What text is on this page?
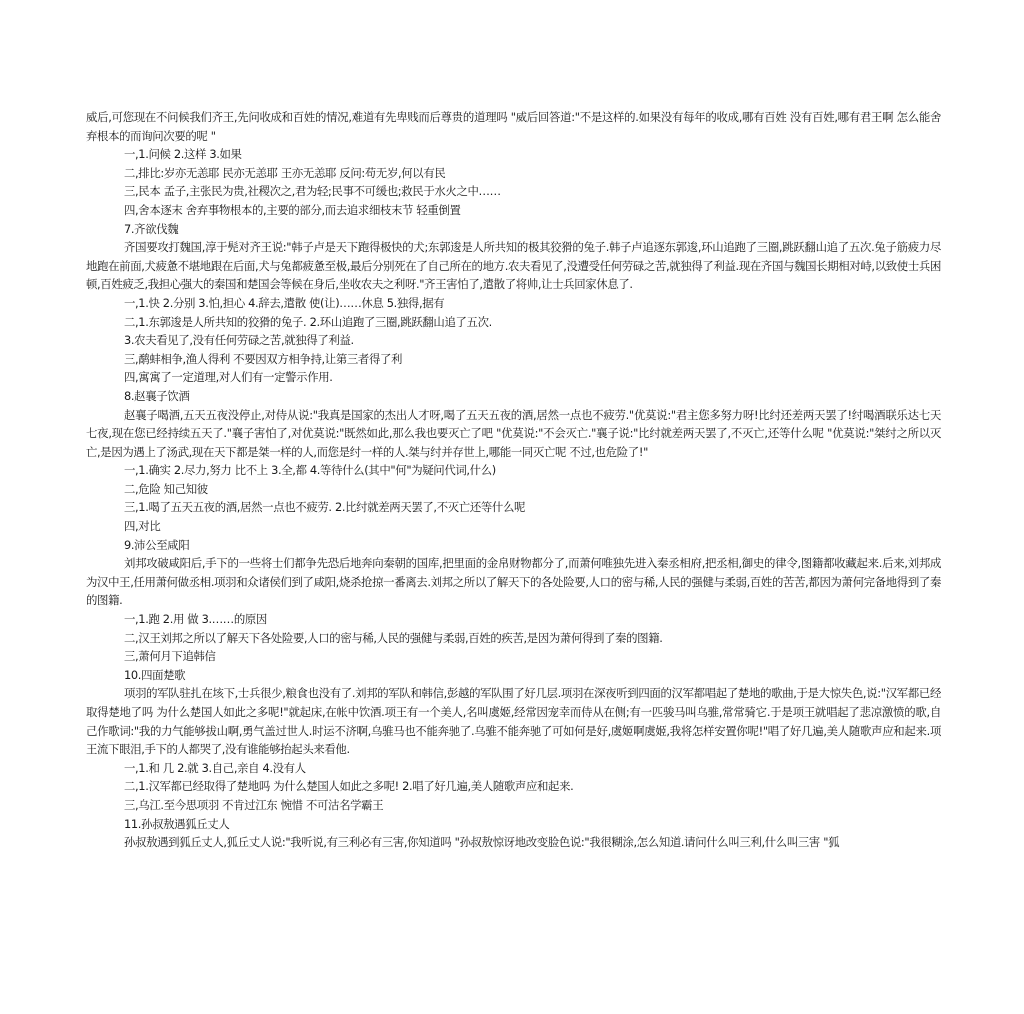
威后,可您现在不问候我们齐王,先问收成和百姓的情况,难道有先卑贱而后尊贵的道理吗 "威后回答道:"不是这样的.如果没有每年的收成,哪有百姓 没有百姓,哪有君王啊 怎么能舍弃根本的而询问次要的呢 "

一,1.问候 2.这样 3.如果

二,排比:岁亦无恙耶 民亦无恙耶 王亦无恙耶 反问:苟无岁,何以有民

三,民本 孟子,主张民为贵,社稷次之,君为轻;民事不可缓也;救民于水火之中……

四,舍本逐末 舍弃事物根本的,主要的部分,而去追求细枝末节 轻重倒置

7.齐欲伐魏

齐国要攻打魏国,淳于髡对齐王说:"韩子卢是天下跑得极快的犬;东郭逡是人所共知的极其狡猾的兔子.韩子卢追逐东郭逡,环山追跑了三圈,跳跃翻山追了五次.兔子筋疲力尽地跑在前面,犬疲惫不堪地跟在后面,犬与兔都疲惫至极,最后分别死在了自己所在的地方.农夫看见了,没遭受任何劳碌之苦,就独得了利益.现在齐国与魏国长期相对峙,以致使士兵困顿,百姓疲乏,我担心强大的秦国和楚国会等候在身后,坐收农夫之利呀."齐王害怕了,遣散了将帅,让士兵回家休息了.

一,1.快 2.分别 3.怕,担心 4.辞去,遣散 使(让)……休息 5.独得,据有

二,1.东郭逡是人所共知的狡猾的兔子. 2.环山追跑了三圈,跳跃翻山追了五次.

3.农夫看见了,没有任何劳碌之苦,就独得了利益.

三,鹬蚌相争,渔人得利 不要因双方相争持,让第三者得了利

四,寓寓了一定道理,对人们有一定警示作用.

8.赵襄子饮酒

赵襄子喝酒,五天五夜没停止,对侍从说:"我真是国家的杰出人才呀,喝了五天五夜的酒,居然一点也不疲劳."优莫说:"君主您多努力呀!比纣还差两天罢了!纣喝酒联乐达七天七夜,现在您已经持续五天了."襄子害怕了,对优莫说:"既然如此,那么我也要灭亡了吧 "优莫说:"不会灭亡."襄子说:"比纣就差两天罢了,不灭亡,还等什么呢 "优莫说:"桀纣之所以灭亡,是因为遇上了汤武,现在天下都是桀一样的人,而您是纣一样的人.桀与纣并存世上,哪能一同灭亡呢 不过,也危险了!"

一,1.确实 2.尽力,努力 比不上 3.全,都 4.等待什么(其中"何"为疑问代词,什么)

二,危险 知己知彼

三,1.喝了五天五夜的酒,居然一点也不疲劳. 2.比纣就差两天罢了,不灭亡还等什么呢

四,对比

9.沛公至咸阳

刘邦攻破咸阳后,手下的一些将士们都争先恐后地奔向秦朝的国库,把里面的金帛财物都分了,而萧何唯独先进入秦丞相府,把丞相,御史的律令,图籍都收藏起来.后来,刘邦成为汉中王,任用萧何做丞相.项羽和众诸侯们到了咸阳,烧杀抢掠一番离去.刘邦之所以了解天下的各处险要,人口的密与稀,人民的强健与柔弱,百姓的苦苦,都因为萧何完备地得到了秦的图籍.

一,1.跑 2.用 做 3.……的原因

二,汉王刘邦之所以了解天下各处险要,人口的密与稀,人民的强健与柔弱,百姓的疾苦,是因为萧何得到了秦的图籍.

三,萧何月下追韩信

10.四面楚歌

项羽的军队驻扎在垓下,士兵很少,粮食也没有了.刘邦的军队和韩信,彭越的军队围了好几层.项羽在深夜听到四面的汉军都唱起了楚地的歌曲,于是大惊失色,说:"汉军都已经取得楚地了吗 为什么楚国人如此之多呢!"就起床,在帐中饮酒.项王有一个美人,名叫虞姬,经常因宠幸而侍从在侧;有一匹骏马叫乌骓,常常骑它.于是项王就唱起了悲凉激愤的歌,自己作歌词:"我的力气能够拔山啊,勇气盖过世人.时运不济啊,乌骓马也不能奔驰了.乌骓不能奔驰了可如何是好,虞姬啊虞姬,我将怎样安置你呢!"唱了好几遍,美人随歌声应和起来.项王流下眼泪,手下的人都哭了,没有谁能够抬起头来看他.

一,1.和 几 2.就 3.自己,亲自 4.没有人

二,1.汉军都已经取得了楚地吗 为什么楚国人如此之多呢! 2.唱了好几遍,美人随歌声应和起来.

三,乌江.至今思项羽 不肯过江东 惋惜 不可沽名学霸王

11.孙叔敖遇狐丘丈人

孙叔敖遇到狐丘丈人,狐丘丈人说:"我听说,有三利必有三害,你知道吗 "孙叔敖惊讶地改变脸色说:"我很糊涂,怎么知道.请问什么叫三利,什么叫三害 "狐
